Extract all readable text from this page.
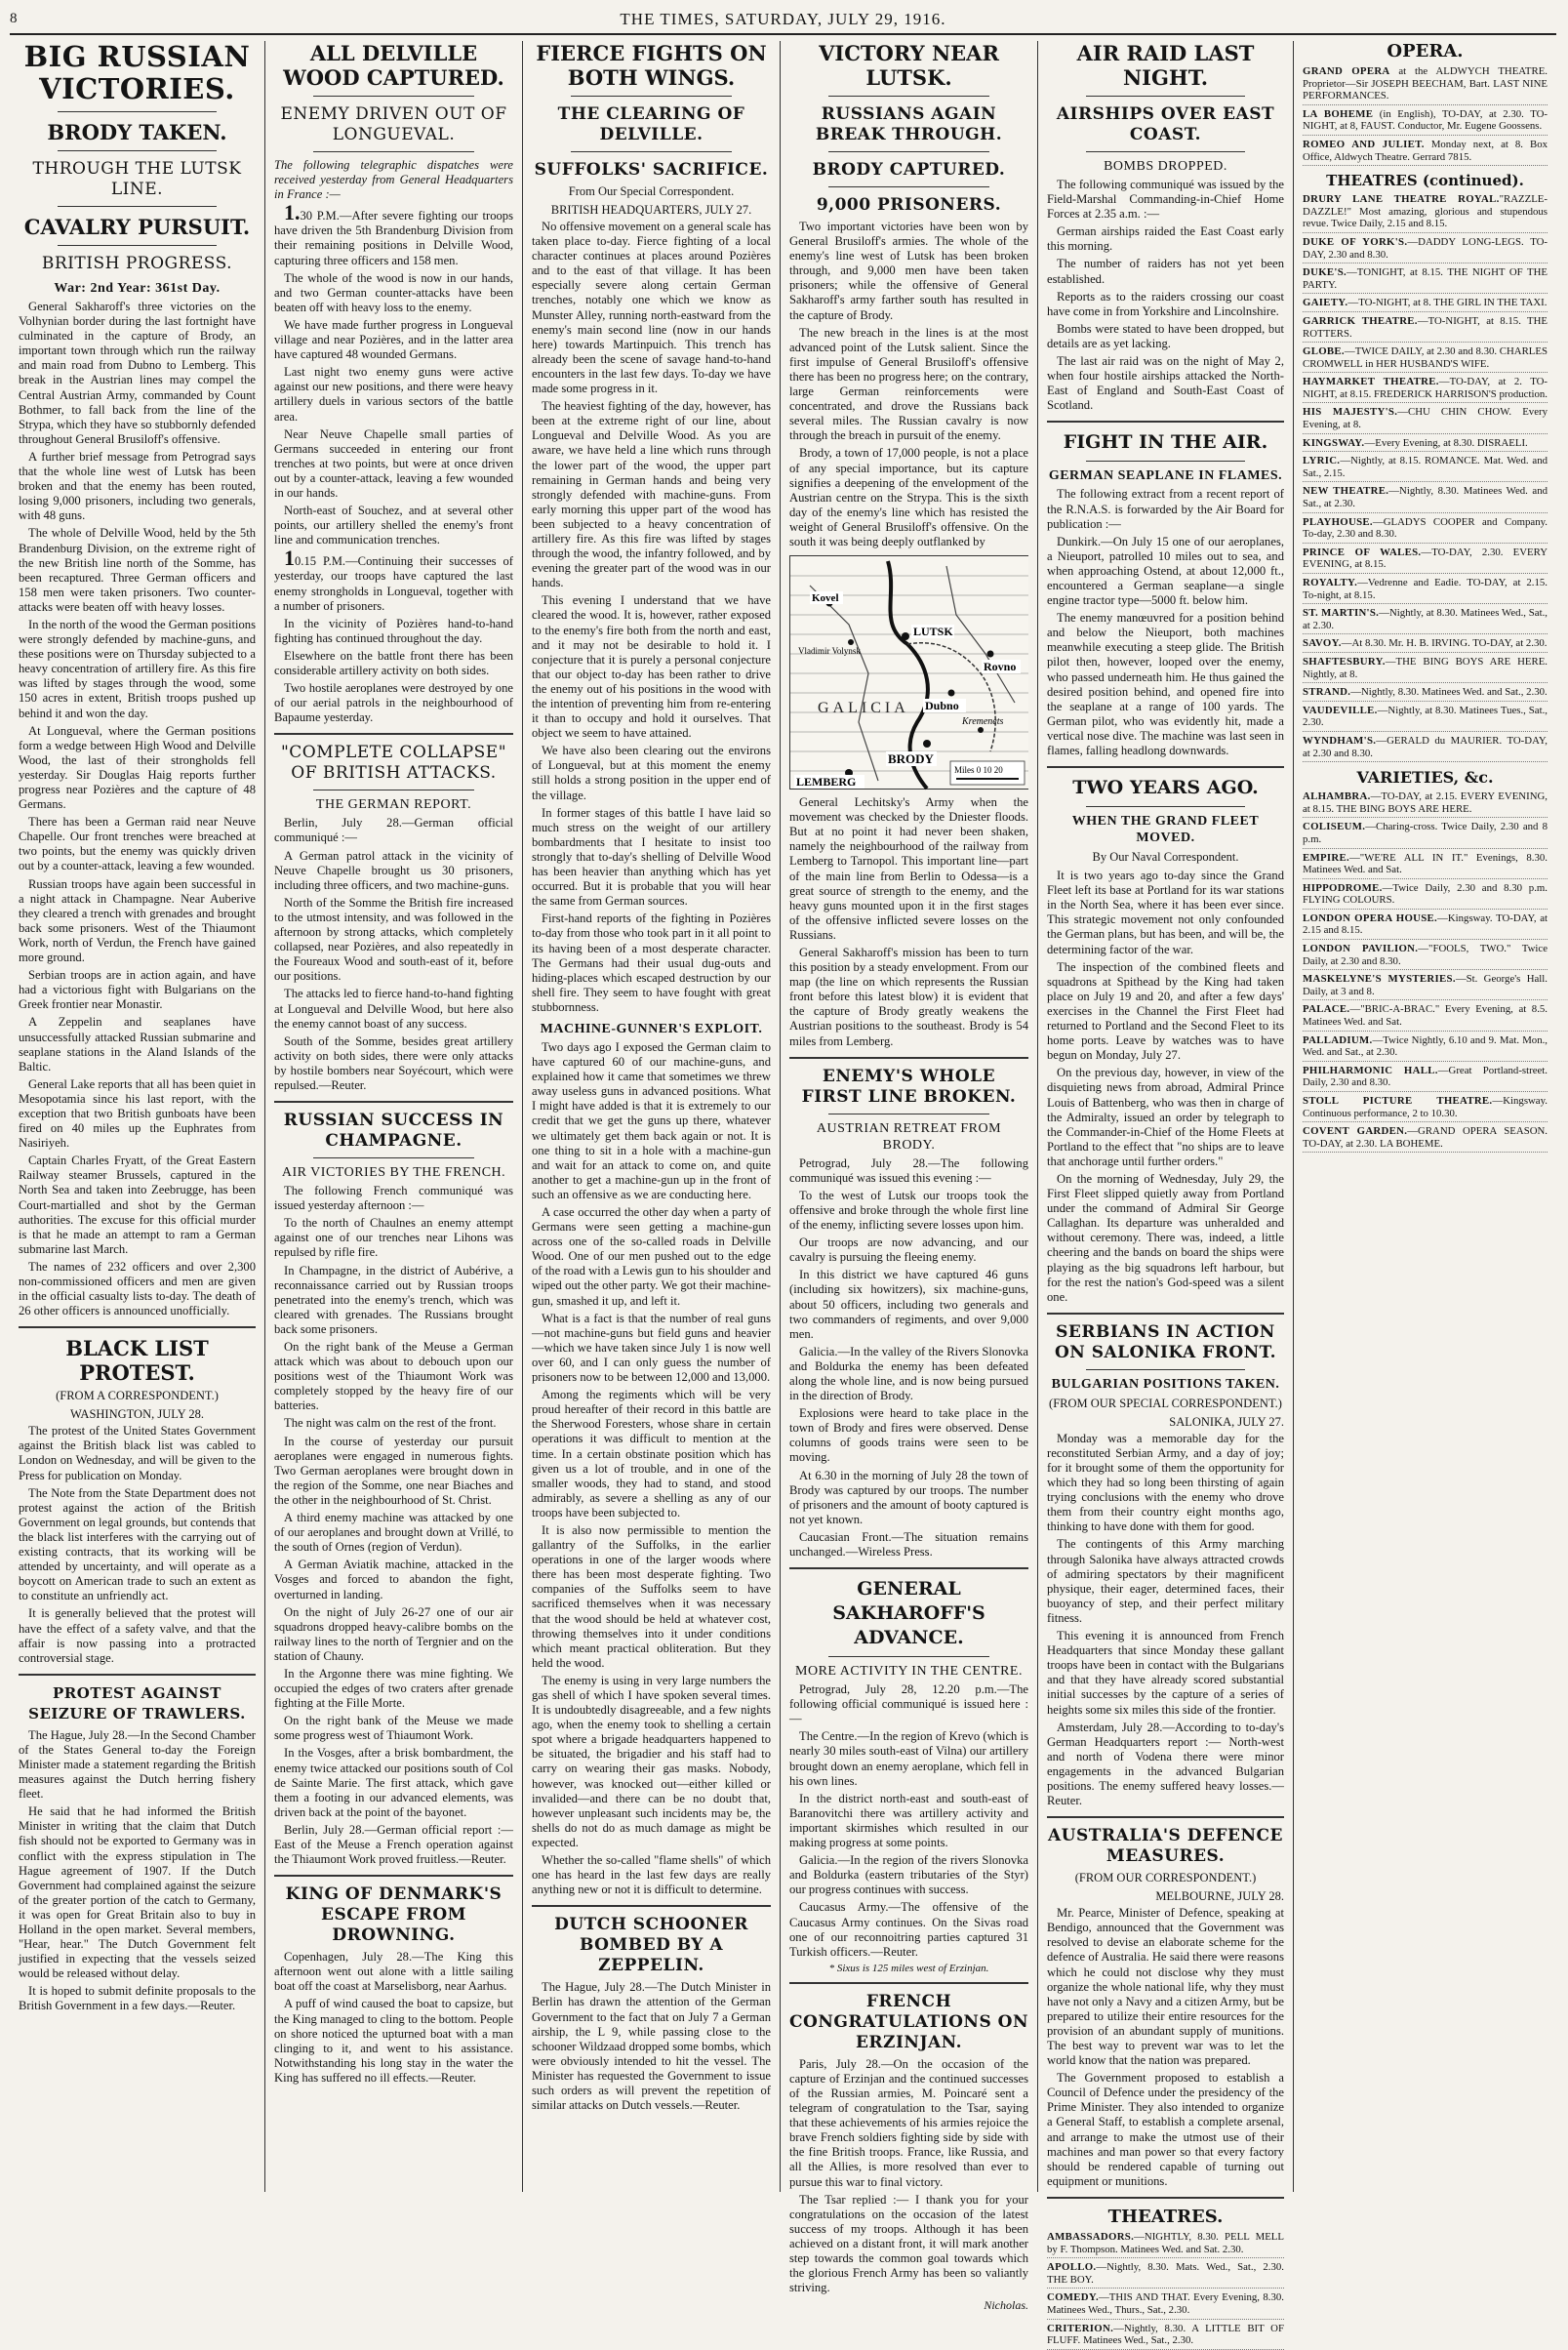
8	THE TIMES, SATURDAY, JULY 29, 1916.
BIG RUSSIAN VICTORIES.
BRODY TAKEN.
THROUGH THE LUTSK LINE.
CAVALRY PURSUIT.
BRITISH PROGRESS.
War: 2nd Year: 361st Day.

General Sakharoff's three victories on the Volhynian border during the last fortnight have culminated in the capture of Brody, an important town through which run the railway and main road from Dubno to Lemberg. This break in the Austrian lines may compel the Central Austrian Army, commanded by Count Bothmer, to fall back from the line of the Strypa, which they have so stubbornly defended throughout General Brusiloff's offensive.

A further brief message from Petrograd says that the whole line west of Lutsk has been broken and that the enemy has been routed, losing 9,000 prisoners, including two generals, with 48 guns.

The whole of Delville Wood, held by the 5th Brandenburg Division, on the extreme right of the new British line north of the Somme, has been recaptured. Three German officers and 158 men were taken prisoners. Two counter-attacks were beaten off with heavy losses.

In the north of the wood the German positions were strongly defended by machine-guns, and these positions were on Thursday subjected to a heavy concentration of artillery fire. As this fire was lifted by stages through the wood, some 150 acres in extent, British troops pushed up behind it and won the day.

At Longueval, where the German positions form a wedge between High Wood and Delville Wood, the last of their strongholds fell yesterday. Sir Douglas Haig reports further progress near Pozières and the capture of 48 Germans.

There has been a German raid near Neuve Chapelle. Our front trenches were breached at two points, but the enemy was quickly driven out by a counter-attack, leaving a few wounded.

Russian troops have again been successful in a night attack in Champagne. Near Auberive they cleared a trench with grenades and brought back some prisoners. West of the Thiaumont Work, north of Verdun, the French have gained more ground.

Serbian troops are in action again, and have had a victorious fight with Bulgarians on the Greek frontier near Monastir.

A Zeppelin and seaplanes have unsuccessfully attacked Russian submarine and seaplane stations in the Aland Islands of the Baltic.

General Lake reports that all has been quiet in Mesopotamia since his last report, with the exception that two British gunboats have been fired on 40 miles up the Euphrates from Nasiriyeh.

Captain Charles Fryatt, of the Great Eastern Railway steamer Brussels, captured in the North Sea and taken into Zeebrugge, has been Court-martialled and shot by the German authorities. The excuse for this official murder is that he made an attempt to ram a German submarine last March.

The names of 232 officers and over 2,300 non-commissioned officers and men are given in the official casualty lists to-day. The death of 26 other officers is announced unofficially.

BLACK LIST PROTEST.
(FROM A CORRESPONDENT.)
WASHINGTON, JULY 28.

The protest of the United States Government against the British black list was cabled to London on Wednesday, and will be given to the Press for publication on Monday.

The Note from the State Department does not protest against the action of the British Government on legal grounds, but contends that the black list interferes with the carrying out of existing contracts, that its working will be attended by uncertainty, and will operate as a boycott on American trade to such an extent as to constitute an unfriendly act.

It is generally believed that the protest will have the effect of a safety valve, and that the affair is now passing into a protracted controversial stage.

PROTEST AGAINST SEIZURE OF TRAWLERS.

The Hague, July 28.—In the Second Chamber of the States General to-day the Foreign Minister made a statement regarding the British measures against the Dutch herring fishery fleet.

He said that he had informed the British Minister in writing that the claim that Dutch fish should not be exported to Germany was in conflict with the express stipulation in The Hague agreement of 1907. If the Dutch Government had complained against the seizure of the greater portion of the catch to Germany, it was open for Great Britain also to buy in Holland in the open market. Several members, "Hear, hear." The Dutch Government felt justified in expecting that the vessels seized would be released without delay.

It is hoped to submit definite proposals to the British Government in a few days.—Reuter.

ALL DELVILLE WOOD CAPTURED.
ENEMY DRIVEN OUT OF LONGUEVAL.

The following telegraphic dispatches were received yesterday from General Headquarters in France :—

1.30 P.M.—After severe fighting our troops have driven the 5th Brandenburg Division from their remaining positions in Delville Wood, capturing three officers and 158 men.

The whole of the wood is now in our hands, and two German counter-attacks have been beaten off with heavy loss to the enemy.

We have made further progress in Longueval village and near Pozières, and in the latter area have captured 48 wounded Germans.

Last night two enemy guns were active against our new positions, and there were heavy artillery duels in various sectors of the battle area.

Near Neuve Chapelle small parties of Germans succeeded in entering our front trenches at two points, but were at once driven out by a counter-attack, leaving a few wounded in our hands.

North-east of Souchez, and at several other points, our artillery shelled the enemy's front line and communication trenches.

10.15 P.M.—Continuing their successes of yesterday, our troops have captured the last enemy strongholds in Longueval, together with a number of prisoners.

In the vicinity of Pozières hand-to-hand fighting has continued throughout the day.

Elsewhere on the battle front there has been considerable artillery activity on both sides.

Two hostile aeroplanes were destroyed by one of our aerial patrols in the neighbourhood of Bapaume yesterday.

"COMPLETE COLLAPSE" OF BRITISH ATTACKS.
THE GERMAN REPORT.

Berlin, July 28.—German official communiqué :—

A German patrol attack in the vicinity of Neuve Chapelle brought us 30 prisoners, including three officers, and two machine-guns.

North of the Somme the British fire increased to the utmost intensity, and was followed in the afternoon by strong attacks, which completely collapsed, near Pozières, and also repeatedly in the Foureaux Wood and south-east of it, before our positions.

The attacks led to fierce hand-to-hand fighting at Longueval and Delville Wood, but here also the enemy cannot boast of any success.

South of the Somme, besides great artillery activity on both sides, there were only attacks by hostile bombers near Soyécourt, which were repulsed.—Reuter.

RUSSIAN SUCCESS IN CHAMPAGNE.
AIR VICTORIES BY THE FRENCH.

The following French communiqué was issued yesterday afternoon :—

To the north of Chaulnes an enemy attempt against one of our trenches near Lihons was repulsed by rifle fire.

In Champagne, in the district of Aubérive, a reconnaissance carried out by Russian troops penetrated into the enemy's trench, which was cleared with grenades. The Russians brought back some prisoners.

On the right bank of the Meuse a German attack which was about to debouch upon our positions west of the Thiaumont Work was completely stopped by the heavy fire of our batteries.

The night was calm on the rest of the front.

In the course of yesterday our pursuit aeroplanes were engaged in numerous fights. Two German aeroplanes were brought down in the region of the Somme, one near Biaches and the other in the neighbourhood of St. Christ.

A third enemy machine was attacked by one of our aeroplanes and brought down at Vrillé, to the south of Ornes (region of Verdun).

A German Aviatik machine, attacked in the Vosges and forced to abandon the fight, overturned in landing.

On the night of July 26-27 one of our air squadrons dropped heavy-calibre bombs on the railway lines to the north of Tergnier and on the station of Chauny.

In the Argonne there was mine fighting. We occupied the edges of two craters after grenade fighting at the Fille Morte.

On the right bank of the Meuse we made some progress west of Thiaumont Work.

In the Vosges, after a brisk bombardment, the enemy twice attacked our positions south of Col de Sainte Marie. The first attack, which gave them a footing in our advanced elements, was driven back at the point of the bayonet.

Berlin, July 28.—German official report :—East of the Meuse a French operation against the Thiaumont Work proved fruitless.—Reuter.

KING OF DENMARK'S ESCAPE FROM DROWNING.

Copenhagen, July 28.—The King this afternoon went out alone with a little sailing boat off the coast at Marselisborg, near Aarhus.

A puff of wind caused the boat to capsize, but the King managed to cling to the bottom. People on shore noticed the upturned boat with a man clinging to it, and went to his assistance. Notwithstanding his long stay in the water the King has suffered no ill effects.—Reuter.

FIERCE FIGHTS ON BOTH WINGS.
THE CLEARING OF DELVILLE.
SUFFOLKS' SACRIFICE.
From Our Special Correspondent.
BRITISH HEADQUARTERS, JULY 27.

No offensive movement on a general scale has taken place to-day. Fierce fighting of a local character continues at places around Pozières and to the east of that village. It has been especially severe along certain German trenches, notably one which we know as Munster Alley, running north-eastward from the enemy's main second line (now in our hands here) towards Martinpuich. This trench has already been the scene of savage hand-to-hand encounters in the last few days. To-day we have made some progress in it.

The heaviest fighting of the day, however, has been at the extreme right of our line, about Longueval and Delville Wood. As you are aware, we have held a line which runs through the lower part of the wood, the upper part remaining in German hands and being very strongly defended with machine-guns. From early morning this upper part of the wood has been subjected to a heavy concentration of artillery fire. As this fire was lifted by stages through the wood, the infantry followed, and by evening the greater part of the wood was in our hands.

This evening I understand that we have cleared the wood. It is, however, rather exposed to the enemy's fire both from the north and east, and it may not be desirable to hold it. I conjecture that it is purely a personal conjecture that our object to-day has been rather to drive the enemy out of his positions in the wood with the intention of preventing him from re-entering it than to occupy and hold it ourselves. That object we seem to have attained.

We have also been clearing out the environs of Longueval, but at this moment the enemy still holds a strong position in the upper end of the village.

In former stages of this battle I have laid so much stress on the weight of our artillery bombardments that I hesitate to insist too strongly that to-day's shelling of Delville Wood has been heavier than anything which has yet occurred. But it is probable that you will hear the same from German sources.

First-hand reports of the fighting in Pozières to-day from those who took part in it all point to its having been of a most desperate character. The Germans had their usual dug-outs and hiding-places which escaped destruction by our shell fire. They seem to have fought with great stubbornness.

MACHINE-GUNNER'S EXPLOIT.

Two days ago I exposed the German claim to have captured 60 of our machine-guns, and explained how it came that sometimes we threw away useless guns in advanced positions. What I might have added is that it is extremely to our credit that we get the guns up there, whatever we ultimately get them back again or not. It is one thing to sit in a hole with a machine-gun and wait for an attack to come on, and quite another to get a machine-gun up in the front of such an offensive as we are conducting here.

A case occurred the other day when a party of Germans were seen getting a machine-gun across one of the so-called roads in Delville Wood. One of our men pushed out to the edge of the road with a Lewis gun to his shoulder and wiped out the other party. We got their machine-gun, smashed it up, and left it.

What is a fact is that the number of real guns—not machine-guns but field guns and heavier—which we have taken since July 1 is now well over 60, and I can only guess the number of prisoners now to be between 12,000 and 13,000.

Among the regiments which will be very proud hereafter of their record in this battle are the Sherwood Foresters, whose share in certain operations it was difficult to mention at the time. In a certain obstinate position which has given us a lot of trouble, and in one of the smaller woods, they had to stand, and stood admirably, as severe a shelling as any of our troops have been subjected to.

It is also now permissible to mention the gallantry of the Suffolks, in the earlier operations in one of the larger woods where there has been most desperate fighting. Two companies of the Suffolks seem to have sacrificed themselves when it was necessary that the wood should be held at whatever cost, throwing themselves into it under conditions which meant practical obliteration. But they held the wood.

The enemy is using in very large numbers the gas shell of which I have spoken several times. It is undoubtedly disagreeable, and a few nights ago, when the enemy took to shelling a certain spot where a brigade headquarters happened to be situated, the brigadier and his staff had to carry on wearing their gas masks. Nobody, however, was knocked out—either killed or invalided—and there can be no doubt that, however unpleasant such incidents may be, the shells do not do as much damage as might be expected.

Whether the so-called "flame shells" of which one has heard in the last few days are really anything new or not it is difficult to determine.

DUTCH SCHOONER BOMBED BY A ZEPPELIN.

The Hague, July 28.—The Dutch Minister in Berlin has drawn the attention of the German Government to the fact that on July 7 a German airship, the L 9, while passing close to the schooner Wildzaad dropped some bombs, which were obviously intended to hit the vessel. The Minister has requested the Government to issue such orders as will prevent the repetition of similar attacks on Dutch vessels.—Reuter.

VICTORY NEAR LUTSK.
RUSSIANS AGAIN BREAK THROUGH.
BRODY CAPTURED.
9,000 PRISONERS.

Two important victories have been won by General Brusiloff's armies. The whole of the enemy's line west of Lutsk has been broken through, and 9,000 men have been taken prisoners; while the offensive of General Sakharoff's army farther south has resulted in the capture of Brody.

The new breach in the lines is at the most advanced point of the Lutsk salient. Since the first impulse of General Brusiloff's offensive there has been no progress here; on the contrary, large German reinforcements were concentrated, and drove the Russians back several miles. The Russian cavalry is now through the breach in pursuit of the enemy.

Brody, a town of 17,000 people, is not a place of any special importance, but its capture signifies a deepening of the envelopment of the Austrian centre on the Strypa. This is the sixth day of the enemy's line which has resisted the weight of General Brusiloff's offensive. On the south it was being deeply outflanked by

Kovel
Vladimir Volynsk
LUTSK
Rovno
Dubno
BRODY
LEMBERG
Kremenets
GALICIA
Miles 0 10 20

General Lechitsky's Army when the movement was checked by the Dniester floods. But at no point it had never been shaken, namely the neighbourhood of the railway from Lemberg to Tarnopol. This important line—part of the main line from Berlin to Odessa—is a great source of strength to the enemy, and the heavy guns mounted upon it in the first stages of the offensive inflicted severe losses on the Russians.

General Sakharoff's mission has been to turn this position by a steady envelopment. From our map (the line on which represents the Russian front before this latest blow) it is evident that the capture of Brody greatly weakens the Austrian positions to the southeast. Brody is 54 miles from Lemberg.

ENEMY'S WHOLE FIRST LINE BROKEN.
AUSTRIAN RETREAT FROM BRODY.

Petrograd, July 28.—The following communiqué was issued this evening :—

To the west of Lutsk our troops took the offensive and broke through the whole first line of the enemy, inflicting severe losses upon him.

Our troops are now advancing, and our cavalry is pursuing the fleeing enemy.

In this district we have captured 46 guns (including six howitzers), six machine-guns, about 50 officers, including two generals and two commanders of regiments, and over 9,000 men.

Galicia.—In the valley of the Rivers Slonovka and Boldurka the enemy has been defeated along the whole line, and is now being pursued in the direction of Brody.

Explosions were heard to take place in the town of Brody and fires were observed. Dense columns of goods trains were seen to be moving.

At 6.30 in the morning of July 28 the town of Brody was captured by our troops. The number of prisoners and the amount of booty captured is not yet known.

Caucasian Front.—The situation remains unchanged.—Wireless Press.

GENERAL SAKHAROFF'S ADVANCE.
MORE ACTIVITY IN THE CENTRE.

Petrograd, July 28, 12.20 p.m.—The following official communiqué is issued here :—

The Centre.—In the region of Krevo (which is nearly 30 miles south-east of Vilna) our artillery brought down an enemy aeroplane, which fell in his own lines.

In the district north-east and south-east of Baranovitchi there was artillery activity and important skirmishes which resulted in our making progress at some points.

Galicia.—In the region of the rivers Slonovka and Boldurka (eastern tributaries of the Styr) our progress continues with success.

Caucasus Army.—The offensive of the Caucasus Army continues. On the Sivas road one of our reconnoitring parties captured 31 Turkish officers.—Reuter.

* Sixus is 125 miles west of Erzinjan.
FRENCH CONGRATULATIONS ON ERZINJAN.

Paris, July 28.—On the occasion of the capture of Erzinjan and the continued successes of the Russian armies, M. Poincaré sent a telegram of congratulation to the Tsar, saying that these achievements of his armies rejoice the brave French soldiers fighting side by side with the fine British troops. France, like Russia, and all the Allies, is more resolved than ever to pursue this war to final victory.

The Tsar replied :— I thank you for your congratulations on the occasion of the latest success of my troops. Although it has been achieved on a distant front, it will mark another step towards the common goal towards which the glorious French Army has been so valiantly striving.

Nicholas.
AIR RAID LAST NIGHT.
AIRSHIPS OVER EAST COAST.
BOMBS DROPPED.

The following communiqué was issued by the Field-Marshal Commanding-in-Chief Home Forces at 2.35 a.m. :—

German airships raided the East Coast early this morning.

The number of raiders has not yet been established.

Reports as to the raiders crossing our coast have come in from Yorkshire and Lincolnshire.

Bombs were stated to have been dropped, but details are as yet lacking.

The last air raid was on the night of May 2, when four hostile airships attacked the North-East of England and South-East Coast of Scotland.

FIGHT IN THE AIR.
GERMAN SEAPLANE IN FLAMES.

The following extract from a recent report of the R.N.A.S. is forwarded by the Air Board for publication :—

Dunkirk.—On July 15 one of our aeroplanes, a Nieuport, patrolled 10 miles out to sea, and when approaching Ostend, at about 12,000 ft., encountered a German seaplane—a single engine tractor type—5000 ft. below him.

The enemy manœuvred for a position behind and below the Nieuport, both machines meanwhile executing a steep glide. The British pilot then, however, looped over the enemy, who passed underneath him. He thus gained the desired position behind, and opened fire into the seaplane at a range of 100 yards. The German pilot, who was evidently hit, made a vertical nose dive. The machine was last seen in flames, falling headlong downwards.

TWO YEARS AGO.
WHEN THE GRAND FLEET MOVED.
By Our Naval Correspondent.

It is two years ago to-day since the Grand Fleet left its base at Portland for its war stations in the North Sea, where it has been ever since. This strategic movement not only confounded the German plans, but has been, and will be, the determining factor of the war.

The inspection of the combined fleets and squadrons at Spithead by the King had taken place on July 19 and 20, and after a few days' exercises in the Channel the First Fleet had returned to Portland and the Second Fleet to its home ports. Leave by watches was to have begun on Monday, July 27.

On the previous day, however, in view of the disquieting news from abroad, Admiral Prince Louis of Battenberg, who was then in charge of the Admiralty, issued an order by telegraph to the Commander-in-Chief of the Home Fleets at Portland to the effect that "no ships are to leave that anchorage until further orders."

On the morning of Wednesday, July 29, the First Fleet slipped quietly away from Portland under the command of Admiral Sir George Callaghan. Its departure was unheralded and without ceremony. There was, indeed, a little cheering and the bands on board the ships were playing as the big squadrons left harbour, but for the rest the nation's God-speed was a silent one.

SERBIANS IN ACTION ON SALONIKA FRONT.
BULGARIAN POSITIONS TAKEN.
(FROM OUR SPECIAL CORRESPONDENT.)
SALONIKA, JULY 27.

Monday was a memorable day for the reconstituted Serbian Army, and a day of joy; for it brought some of them the opportunity for which they had so long been thirsting of again trying conclusions with the enemy who drove them from their country eight months ago, thinking to have done with them for good.

The contingents of this Army marching through Salonika have always attracted crowds of admiring spectators by their magnificent physique, their eager, determined faces, their buoyancy of step, and their perfect military fitness.

This evening it is announced from French Headquarters that since Monday these gallant troops have been in contact with the Bulgarians and that they have already scored substantial initial successes by the capture of a series of heights some six miles this side of the frontier.

Amsterdam, July 28.—According to to-day's German Headquarters report :— North-west and north of Vodena there were minor engagements in the advanced Bulgarian positions. The enemy suffered heavy losses.—Reuter.

AUSTRALIA'S DEFENCE MEASURES.
(FROM OUR CORRESPONDENT.)
MELBOURNE, JULY 28.

Mr. Pearce, Minister of Defence, speaking at Bendigo, announced that the Government was resolved to devise an elaborate scheme for the defence of Australia. He said there were reasons which he could not disclose why they must organize the whole national life, why they must have not only a Navy and a citizen Army, but be prepared to utilize their entire resources for the provision of an abundant supply of munitions. The best way to prevent war was to let the world know that the nation was prepared.

The Government proposed to establish a Council of Defence under the presidency of the Prime Minister. They also intended to organize a General Staff, to establish a complete arsenal, and arrange to make the utmost use of their machines and man power so that every factory should be rendered capable of turning out equipment or munitions.

THEATRES.
AMBASSADORS.—NIGHTLY, 8.30. PELL MELL by F. Thompson. Matinees Wed. and Sat. 2.30.
APOLLO.—Nightly, 8.30. Mats. Wed., Sat., 2.30. THE BOY.
COMEDY.—THIS AND THAT. Every Evening, 8.30. Matinees Wed., Thurs., Sat., 2.30.
CRITERION.—Nightly, 8.30. A LITTLE BIT OF FLUFF. Matinees Wed., Sat., 2.30.
OPERA.
GRAND OPERA at the ALDWYCH THEATRE. Proprietor—Sir JOSEPH BEECHAM, Bart. LAST NINE PERFORMANCES.
LA BOHEME (in English), TO-DAY, at 2.30. TO-NIGHT, at 8, FAUST. Conductor, Mr. Eugene Goossens.
ROMEO AND JULIET. Monday next, at 8. Box Office, Aldwych Theatre. Gerrard 7815.
THEATRES (continued).
DRURY LANE THEATRE ROYAL."RAZZLE-DAZZLE!" Most amazing, glorious and stupendous revue. Twice Daily, 2.15 and 8.15.
DUKE OF YORK'S.—DADDY LONG-LEGS. TO-DAY, 2.30 and 8.30.
DUKE'S.—TONIGHT, at 8.15. THE NIGHT OF THE PARTY.
GAIETY.—TO-NIGHT, at 8. THE GIRL IN THE TAXI.
GARRICK THEATRE.—TO-NIGHT, at 8.15. THE ROTTERS.
GLOBE.—TWICE DAILY, at 2.30 and 8.30. CHARLES CROMWELL in HER HUSBAND'S WIFE.
HAYMARKET THEATRE.—TO-DAY, at 2. TO-NIGHT, at 8.15. FREDERICK HARRISON'S production.
HIS MAJESTY'S.—CHU CHIN CHOW. Every Evening, at 8.
KINGSWAY.—Every Evening, at 8.30. DISRAELI.
LYRIC.—Nightly, at 8.15. ROMANCE. Mat. Wed. and Sat., 2.15.
NEW THEATRE.—Nightly, 8.30. Matinees Wed. and Sat., at 2.30.
PLAYHOUSE.—GLADYS COOPER and Company. To-day, 2.30 and 8.30.
PRINCE OF WALES.—TO-DAY, 2.30. EVERY EVENING, at 8.15.
ROYALTY.—Vedrenne and Eadie. TO-DAY, at 2.15. To-night, at 8.15.
ST. MARTIN'S.—Nightly, at 8.30. Matinees Wed., Sat., at 2.30.
SAVOY.—At 8.30. Mr. H. B. IRVING. TO-DAY, at 2.30.
SHAFTESBURY.—THE BING BOYS ARE HERE. Nightly, at 8.
STRAND.—Nightly, 8.30. Matinees Wed. and Sat., 2.30.
VAUDEVILLE.—Nightly, at 8.30. Matinees Tues., Sat., 2.30.
WYNDHAM'S.—GERALD du MAURIER. TO-DAY, at 2.30 and 8.30.
VARIETIES, &c.
ALHAMBRA.—TO-DAY, at 2.15. EVERY EVENING, at 8.15. THE BING BOYS ARE HERE.
COLISEUM.—Charing-cross. Twice Daily, 2.30 and 8 p.m.
EMPIRE.—"WE'RE ALL IN IT." Evenings, 8.30. Matinees Wed. and Sat.
HIPPODROME.—Twice Daily, 2.30 and 8.30 p.m. FLYING COLOURS.
LONDON OPERA HOUSE.—Kingsway. TO-DAY, at 2.15 and 8.15.
LONDON PAVILION.—"FOOLS, TWO." Twice Daily, at 2.30 and 8.30.
MASKELYNE'S MYSTERIES.—St. George's Hall. Daily, at 3 and 8.
PALACE.—"BRIC-A-BRAC." Every Evening, at 8.5. Matinees Wed. and Sat.
PALLADIUM.—Twice Nightly, 6.10 and 9. Mat. Mon., Wed. and Sat., at 2.30.
PHILHARMONIC HALL.—Great Portland-street. Daily, 2.30 and 8.30.
STOLL PICTURE THEATRE.—Kingsway. Continuous performance, 2 to 10.30.
COVENT GARDEN.—GRAND OPERA SEASON. TO-DAY, at 2.30. LA BOHEME.
